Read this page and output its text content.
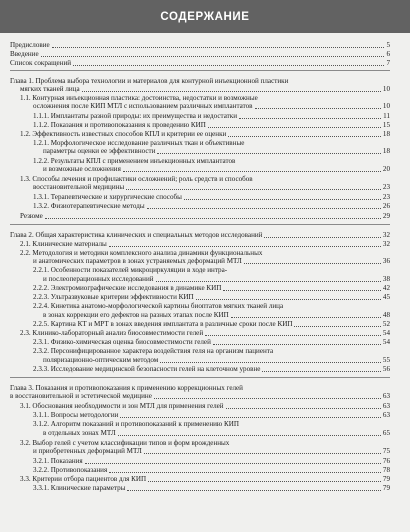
СОДЕРЖАНИЕ
Предисловие	5
Введение	6
Список сокращений	7
Глава 1. Проблема выбора технологии и материалов для контурной инъекционной пластики
мягких тканей лица	10
1.1. Контурная инъекционная пластика: достоинства, недостатки и возможные
осложнения после КИП МТЛ с использованием различных имплантатов	10
1.1.1. Имплантаты разной природы: их преимущества и недостатки	11
1.1.2. Показания и противопоказания к проведению КИП	15
1.2. Эффективность известных способов КПЛ и критерии ее оценки	18
1.2.1. Морфологическое исследование различных ткан и объективные
параметры оценки ее эффективности	18
1.2.2. Результаты КПЛ с применением инъекционных имплантатов
и возможные осложнения	20
1.3. Способы лечения и профилактики осложнений; роль средств и способов
восстановительной медицины	23
1.3.1. Терапевтические и хирургические способы	23
1.3.2. Физиотерапевтические методы	26
Резюме	29
Глава 2. Общая характеристика клинических и специальных методов исследований	32
2.1. Клинические материалы	32
2.2. Методология и методики комплексного анализа динамики функциональных
и анатомических параметров в зонах устраняемых деформаций МТЛ	36
2.2.1. Особенности показателей микроциркуляции в ходе интра-
и послеоперационных исследований	38
2.2.2. Электромиографические исследования в динамике КИП	42
2.2.3. Ультразвуковые критерии эффективности КИП	45
2.2.4. Кинетика анатомо-морфологической картины биоптатов мягких тканей лица
в зонах коррекции его дефектов на разных этапах после КИП	48
2.2.5. Картина КТ и МРТ в зонах введения имплантата в различные сроки после КИП	52
2.3. Клинико-лабораторный анализ биосовместимости гелей	54
2.3.1. Физико-химическая оценка биосовместимости гелей	54
2.3.2. Персонифицированное характера воздействия геля на организм пациента
поляризационно-оптическим методом	55
2.3.3. Исследование медицинской безопасности гелей на клеточном уровне	56
Глава 3. Показания и противопоказания к применению коррекционных гелей
в восстановительной и эстетической медицине	63
3.1. Обоснования необходимости и зон МТЛ для применения гелей	63
3.1.1. Вопросы методологии	63
3.1.2. Алгоритм показаний и противопоказаний к применению КИП
в отдельных зонах МТЛ	65
3.2. Выбор гелей с учетом классификации типов и форм врожденных
и приобретенных деформаций МТЛ	75
3.2.1. Показания	76
3.2.2. Противопоказания	78
3.3. Критерии отбора пациентов для КИП	79
3.3.1. Клинические параметры	79
